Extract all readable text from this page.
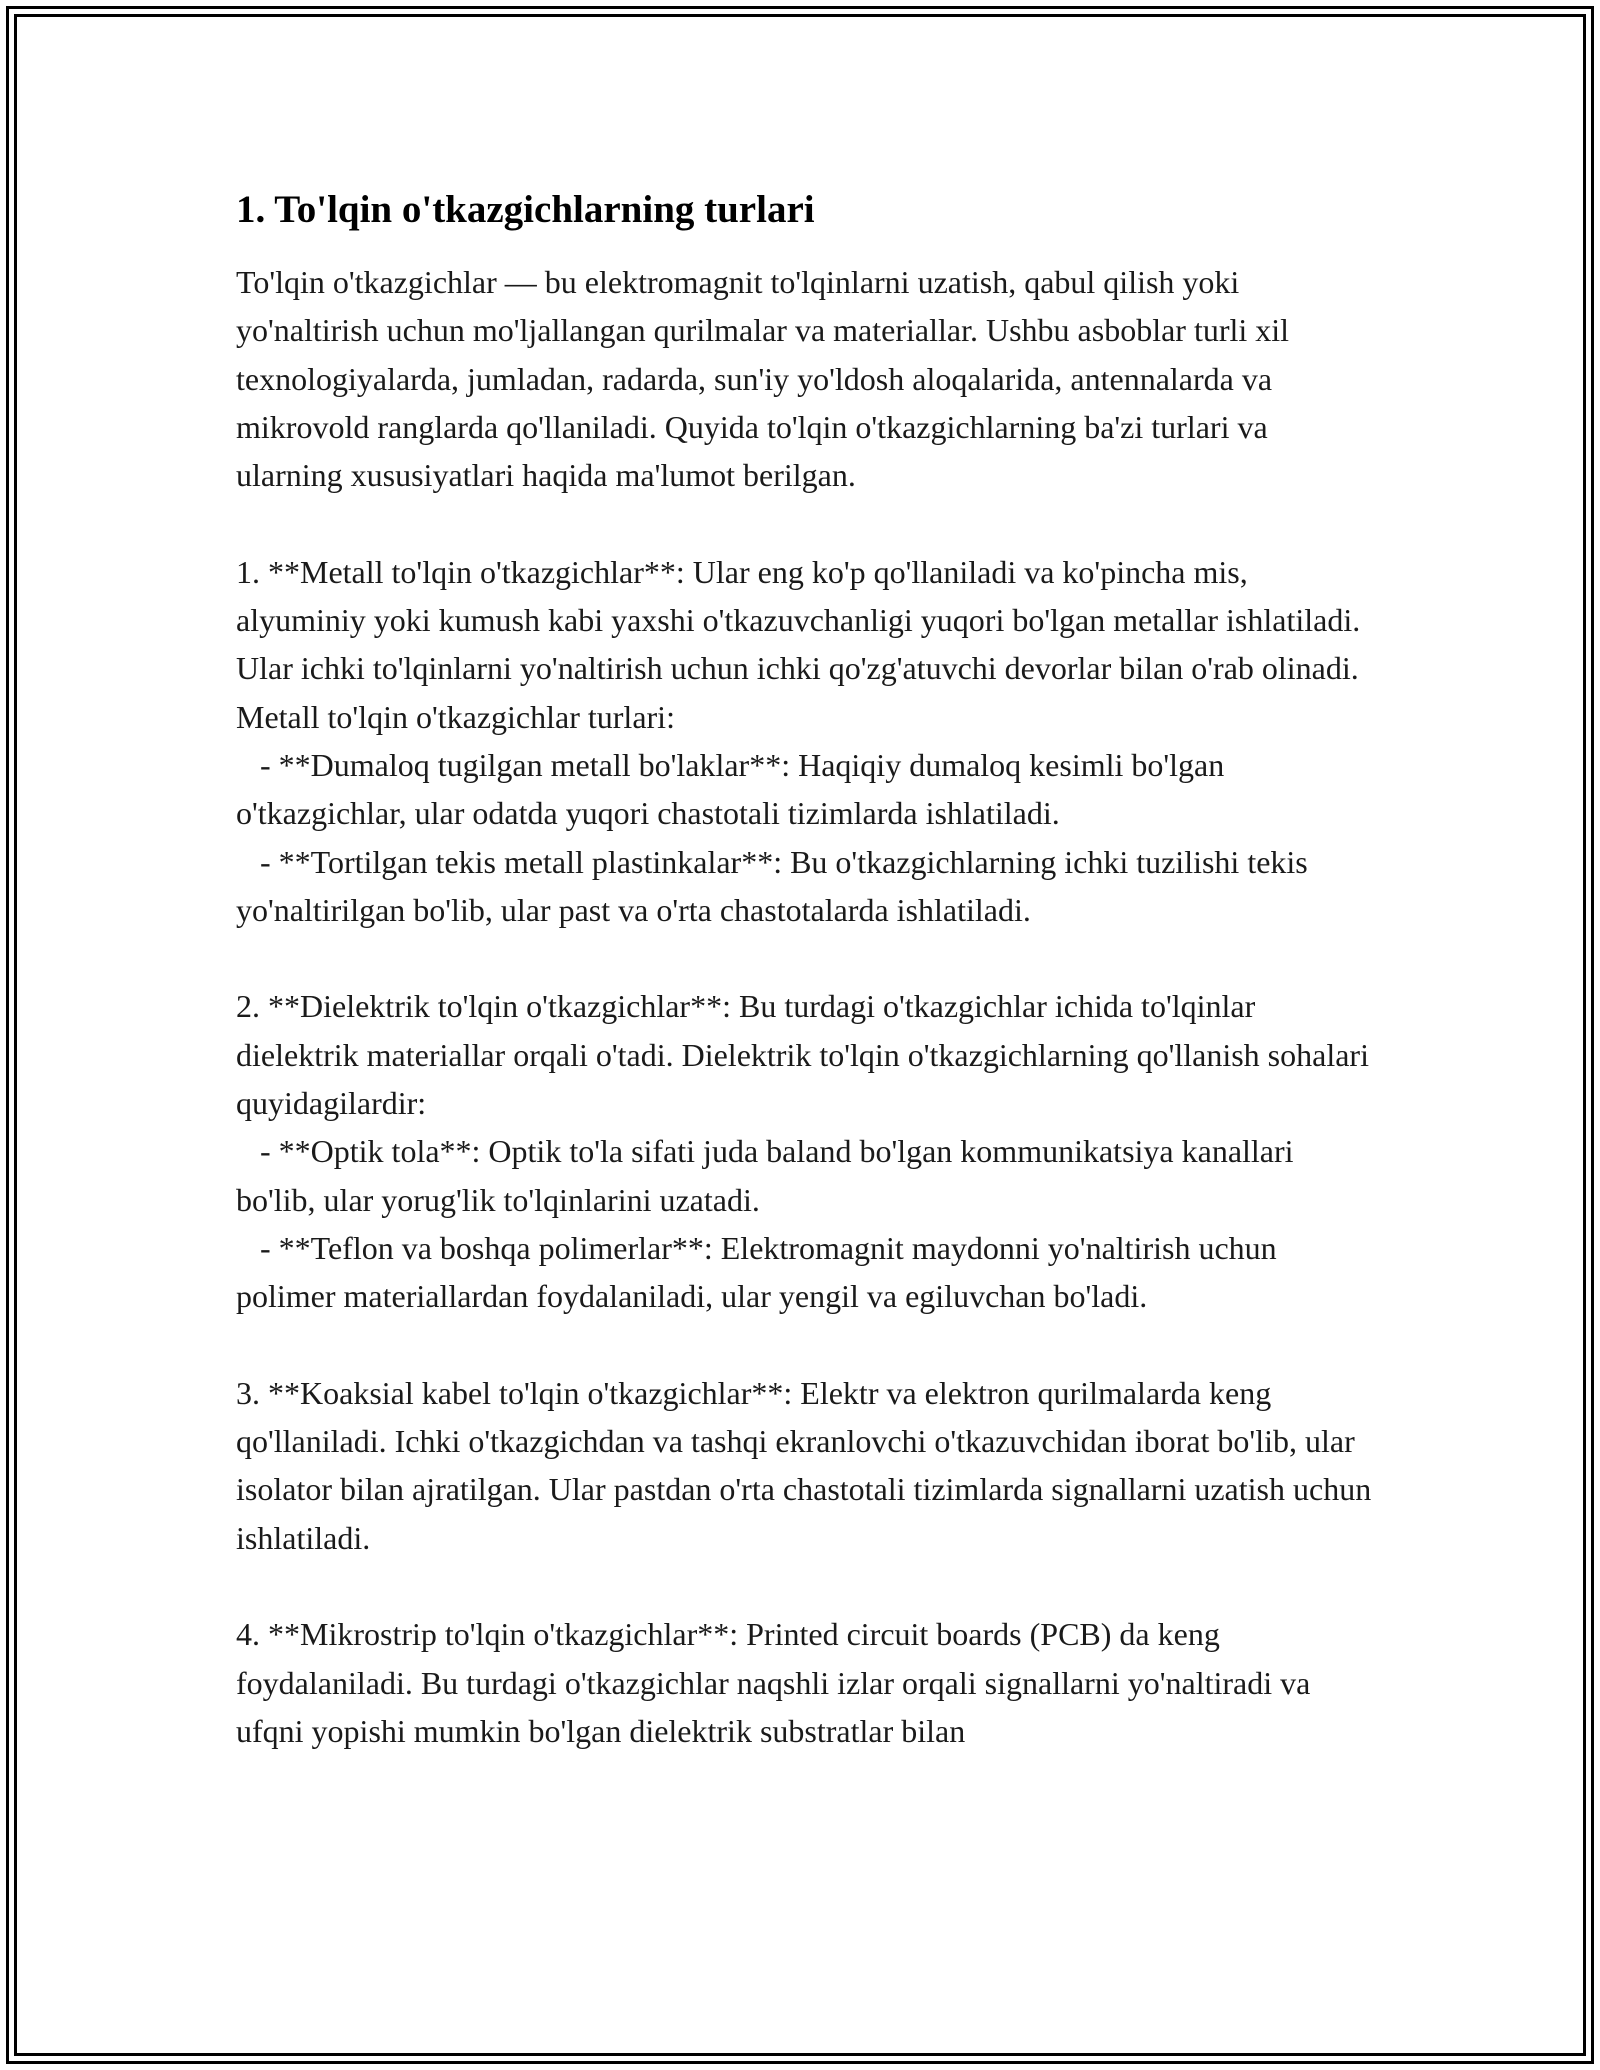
1. To'lqin o'tkazgichlarning turlari

To'lqin o'tkazgichlar — bu elektromagnit to'lqinlarni uzatish, qabul qilish yoki yo'naltirish uchun mo'ljallangan qurilmalar va materiallar. Ushbu asboblar turli xil texnologiyalarda, jumladan, radarda, sun'iy yo'ldosh aloqalarida, antennalarda va mikrovold ranglarda qo'llaniladi. Quyida to'lqin o'tkazgichlarning ba'zi turlari va ularning xususiyatlari haqida ma'lumot berilgan.

1. **Metall to'lqin o'tkazgichlar**: Ular eng ko'p qo'llaniladi va ko'pincha mis, alyuminiy yoki kumush kabi yaxshi o'tkazuvchanligi yuqori bo'lgan metallar ishlatiladi. Ular ichki to'lqinlarni yo'naltirish uchun ichki qo'zg'atuvchi devorlar bilan o'rab olinadi. Metall to'lqin o'tkazgichlar turlari:
- **Dumaloq tugilgan metall bo'laklar**: Haqiqiy dumaloq kesimli bo'lgan o'tkazgichlar, ular odatda yuqori chastotali tizimlarda ishlatiladi.
- **Tortilgan tekis metall plastinkalar**: Bu o'tkazgichlarning ichki tuzilishi tekis yo'naltirilgan bo'lib, ular past va o'rta chastotalarda ishlatiladi.

2. **Dielektrik to'lqin o'tkazgichlar**: Bu turdagi o'tkazgichlar ichida to'lqinlar dielektrik materiallar orqali o'tadi. Dielektrik to'lqin o'tkazgichlarning qo'llanish sohalari quyidagilardir:
- **Optik tola**: Optik to'la sifati juda baland bo'lgan kommunikatsiya kanallari bo'lib, ular yorug'lik to'lqinlarini uzatadi.
- **Teflon va boshqa polimerlar**: Elektromagnit maydonni yo'naltirish uchun polimer materiallardan foydalaniladi, ular yengil va egiluvchan bo'ladi.

3. **Koaksial kabel to'lqin o'tkazgichlar**: Elektr va elektron qurilmalarda keng qo'llaniladi. Ichki o'tkazgichdan va tashqi ekranlovchi o'tkazuvchidan iborat bo'lib, ular isolator bilan ajratilgan. Ular pastdan o'rta chastotali tizimlarda signallarni uzatish uchun ishlatiladi.

4. **Mikrostrip to'lqin o'tkazgichlar**: Printed circuit boards (PCB) da keng foydalaniladi. Bu turdagi o'tkazgichlar naqshli izlar orqali signallarni yo'naltiradi va ufqni yopishi mumkin bo'lgan dielektrik substratlar bilan
